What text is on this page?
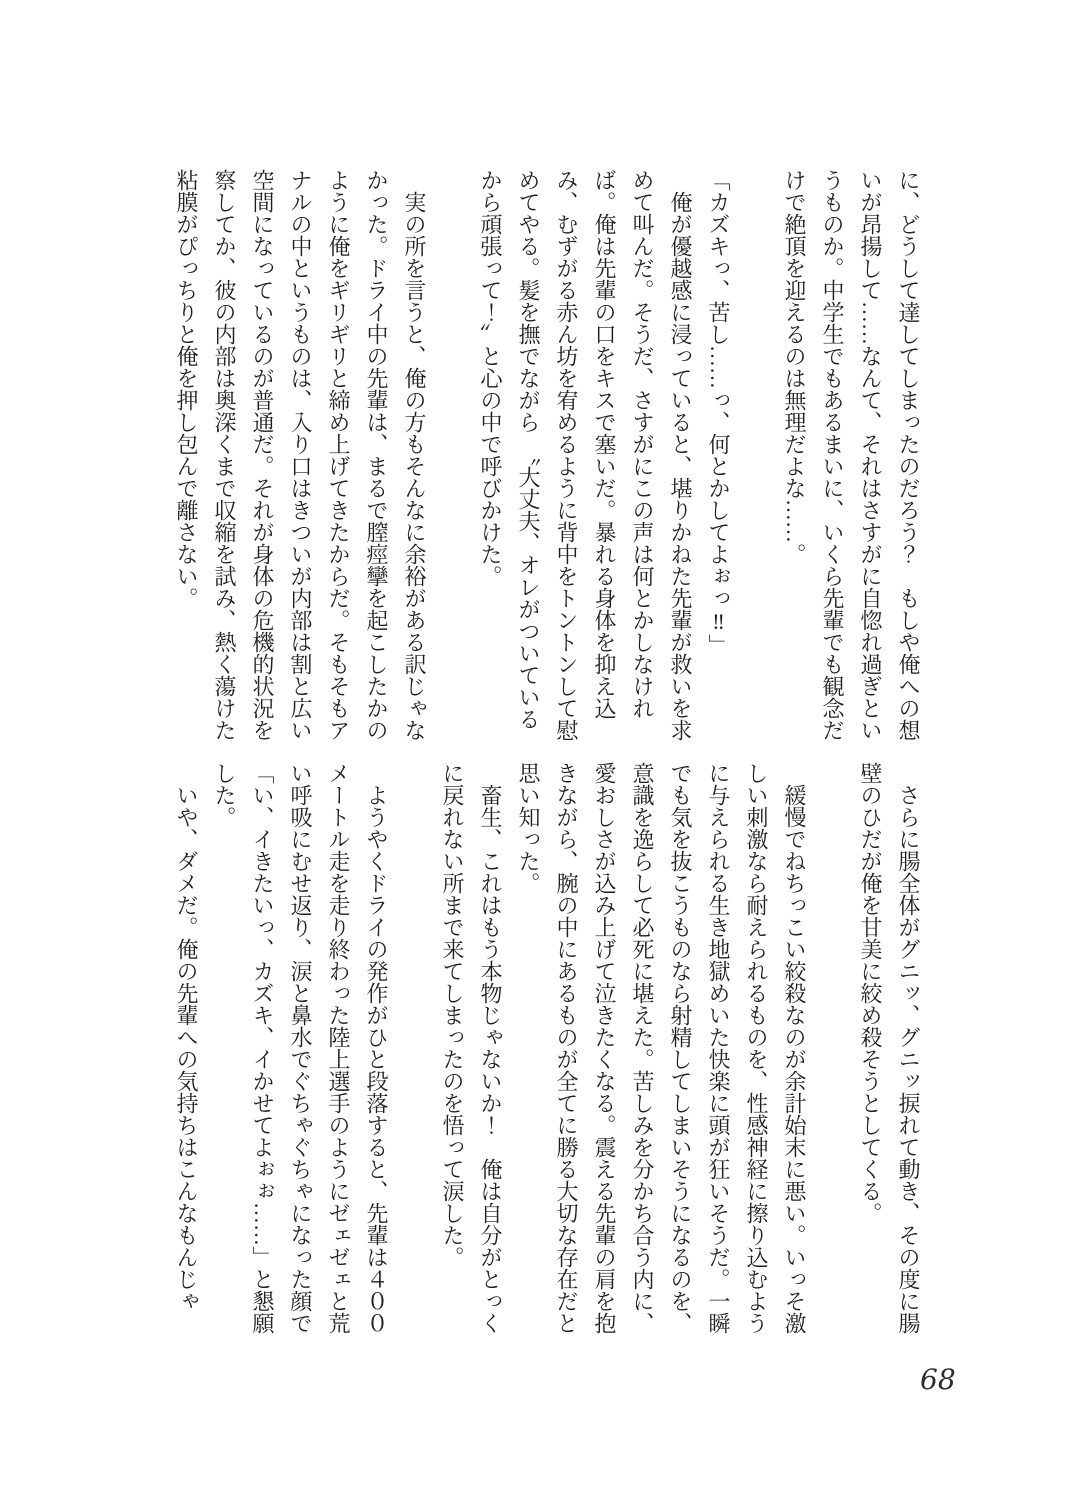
に、どうして達してしまったのだろう？　もしや俺への想いが昂揚して……なんて、それはさすがに自惚れ過ぎというものか。中学生でもあるまいに、いくら先輩でも観念だけで絶頂を迎えるのは無理だよな……。

「カズキっ、苦し……っ、何とかしてよぉっ‼」

俺が優越感に浸っていると、堪りかねた先輩が救いを求めて叫んだ。そうだ、さすがにこの声は何とかしなければ。俺は先輩の口をキスで塞いだ。暴れる身体を抑え込み、むずがる赤ん坊を宥めるように背中をトントンして慰めてやる。髪を撫でながら　〝大丈夫、オレがついているから頑張って！〟と心の中で呼びかけた。

実の所を言うと、俺の方もそんなに余裕がある訳じゃなかった。ドライ中の先輩は、まるで膣痙攣を起こしたかのように俺をギリギリと締め上げてきたからだ。そもそもアナルの中というものは、入り口はきついが内部は割と広い空間になっているのが普通だ。それが身体の危機的状況を察してか、彼の内部は奥深くまで収縮を試み、熱く蕩けた粘膜がぴっちりと俺を押し包んで離さない。

さらに腸全体がグニッ、グニッ捩れて動き、その度に腸壁のひだが俺を甘美に絞め殺そうとしてくる。

緩慢でねちっこい絞殺なのが余計始末に悪い。いっそ激しい刺激なら耐えられるものを、性感神経に擦り込むように与えられる生き地獄めいた快楽に頭が狂いそうだ。一瞬でも気を抜こうものなら射精してしまいそうになるのを、意識を逸らして必死に堪えた。苦しみを分かち合う内に、愛おしさが込み上げて泣きたくなる。震える先輩の肩を抱きながら、腕の中にあるものが全てに勝る大切な存在だと思い知った。

畜生、これはもう本物じゃないか！　俺は自分がとっくに戻れない所まで来てしまったのを悟って涙した。

ようやくドライの発作がひと段落すると、先輩は４００メートル走を走り終わった陸上選手のようにゼェゼェと荒い呼吸にむせ返り、涙と鼻水でぐちゃぐちゃになった顔で「い、イきたいっ、カズキ、イかせてよぉぉ……」と懇願した。

いや、ダメだ。俺の先輩への気持ちはこんなもんじゃ

68
